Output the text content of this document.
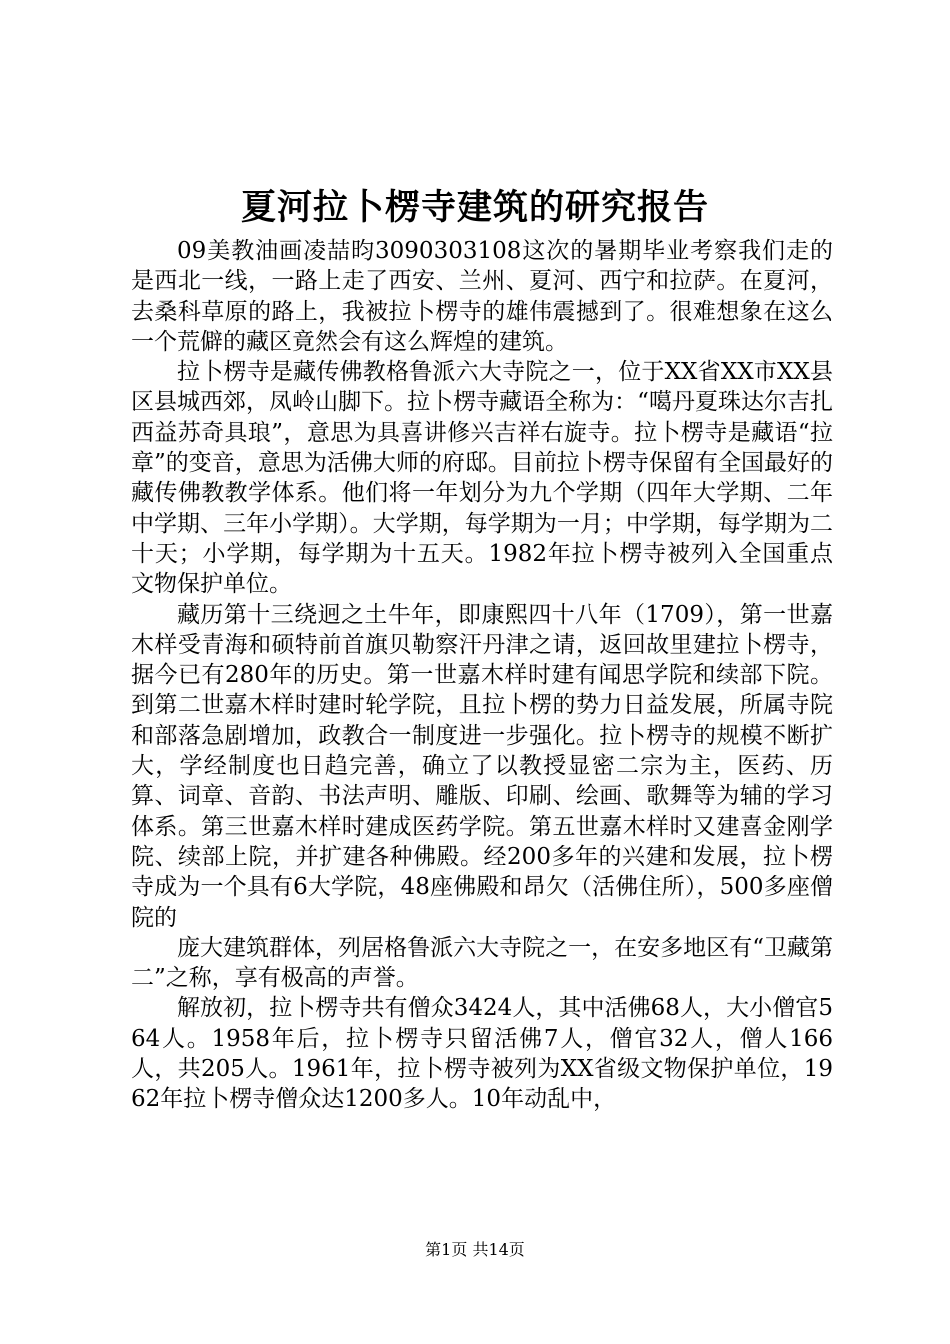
夏河拉卜楞寺建筑的研究报告

09美教油画凌喆昀3090303108这次的暑期毕业考察我们走的是西北一线，一路上走了西安、兰州、夏河、西宁和拉萨。在夏河，去桑科草原的路上，我被拉卜楞寺的雄伟震撼到了。很难想象在这么一个荒僻的藏区竟然会有这么辉煌的建筑。

拉卜楞寺是藏传佛教格鲁派六大寺院之一，位于XX省XX市XX县区县城西郊，凤岭山脚下。拉卜楞寺藏语全称为：“噶丹夏珠达尔吉扎西益苏奇具琅”，意思为具喜讲修兴吉祥右旋寺。拉卜楞寺是藏语“拉章”的变音，意思为活佛大师的府邸。目前拉卜楞寺保留有全国最好的藏传佛教教学体系。他们将一年划分为九个学期（四年大学期、二年中学期、三年小学期）。大学期，每学期为一月；中学期，每学期为二十天；小学期，每学期为十五天。1982年拉卜楞寺被列入全国重点文物保护单位。

藏历第十三绕迥之土牛年，即康熙四十八年（1709），第一世嘉木样受青海和硕特前首旗贝勒察汗丹津之请，返回故里建拉卜楞寺，据今已有280年的历史。第一世嘉木样时建有闻思学院和续部下院。到第二世嘉木样时建时轮学院，且拉卜楞的势力日益发展，所属寺院和部落急剧增加，政教合一制度进一步强化。拉卜楞寺的规模不断扩大，学经制度也日趋完善，确立了以教授显密二宗为主，医药、历算、词章、音韵、书法声明、雕版、印刷、绘画、歌舞等为辅的学习体系。第三世嘉木样时建成医药学院。第五世嘉木样时又建喜金刚学院、续部上院，并扩建各种佛殿。经200多年的兴建和发展，拉卜楞寺成为一个具有6大学院，48座佛殿和昂欠（活佛住所），500多座僧院的

庞大建筑群体，列居格鲁派六大寺院之一，在安多地区有“卫藏第二”之称，享有极高的声誉。

解放初，拉卜楞寺共有僧众3424人，其中活佛68人，大小僧官564人。1958年后，拉卜楞寺只留活佛7人，僧官32人，僧人166人，共205人。1961年，拉卜楞寺被列为XX省级文物保护单位，1962年拉卜楞寺僧众达1200多人。10年动乱中，

第1页 共14页
